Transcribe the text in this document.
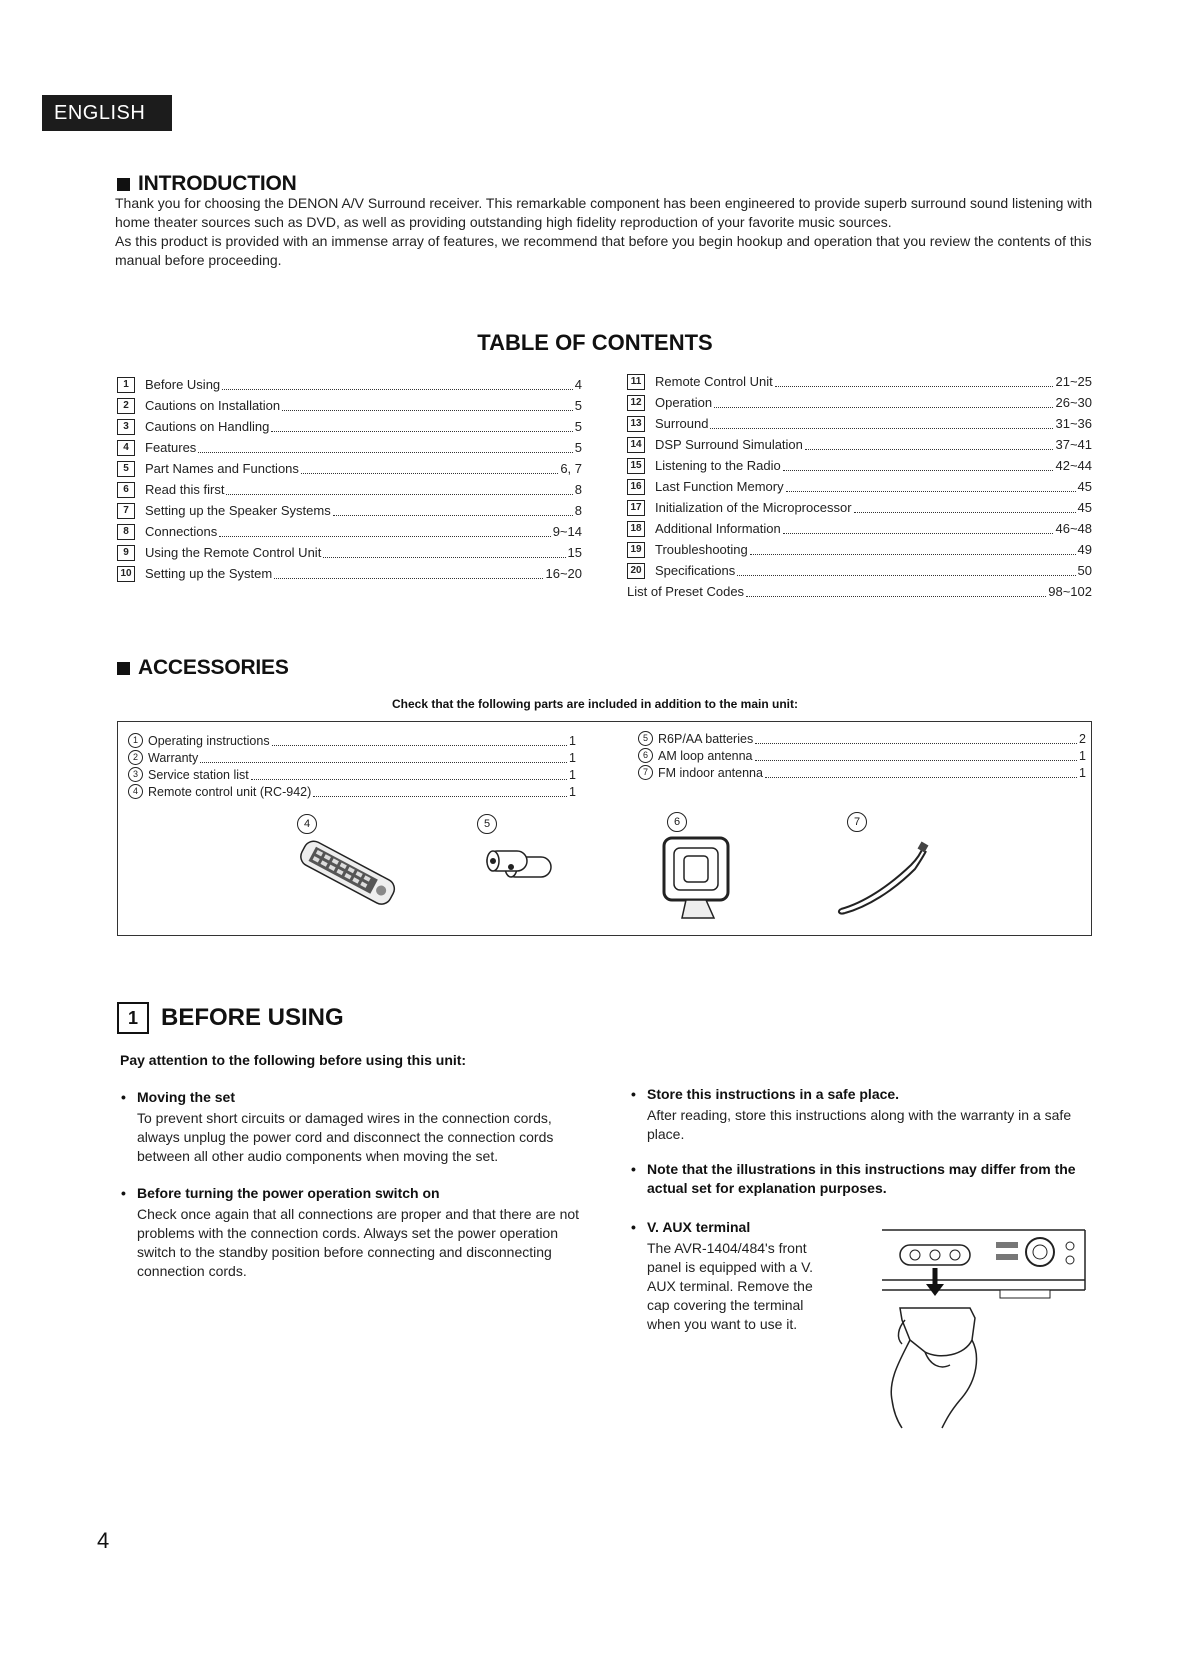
ENGLISH
INTRODUCTION

Thank you for choosing the DENON A/V Surround receiver. This remarkable component has been engineered to provide superb surround sound listening with home theater sources such as DVD, as well as providing outstanding high fidelity reproduction of your favorite music sources.

As this product is provided with an immense array of features, we recommend that before you begin hookup and operation that you review the contents of this manual before proceeding.

TABLE OF CONTENTS
1	Before Using	4
2	Cautions on Installation	5
3	Cautions on Handling	5
4	Features	5
5	Part Names and Functions	6, 7
6	Read this first	8
7	Setting up the Speaker Systems	8
8	Connections	9~14
9	Using the Remote Control Unit	15
10 Setting up the System	16~20
11 Remote Control Unit	21~25
12 Operation	26~30
13 Surround	31~36
14 DSP Surround Simulation	37~41
15 Listening to the Radio	42~44
16 Last Function Memory	45
17 Initialization of the Microprocessor	45
18 Additional Information	46~48
19 Troubleshooting	49
20 Specifications	50
List of Preset Codes	98~102
ACCESSORIES
Check that the following parts are included in addition to the main unit:
1 Operating instructions	1
2 Warranty	1
3 Service station list	1
4 Remote control unit (RC-942)	1
5 R6P/AA batteries	2
6 AM loop antenna	1
7 FM indoor antenna	1
4	5	6	7
1 BEFORE USING
Pay attention to the following before using this unit:
• Moving the set

To prevent short circuits or damaged wires in the connection cords, always unplug the power cord and disconnect the connection cords between all other audio components when moving the set.

• Before turning the power operation switch on

Check once again that all connections are proper and that there are not problems with the connection cords. Always set the power operation switch to the standby position before connecting and disconnecting connection cords.

• Store this instructions in a safe place.

After reading, store this instructions along with the warranty in a safe place.

• Note that the illustrations in this instructions may differ from the actual set for explanation purposes.
• V. AUX terminal

The AVR-1404/484's front panel is equipped with a V. AUX terminal. Remove the cap covering the terminal when you want to use it.

4
